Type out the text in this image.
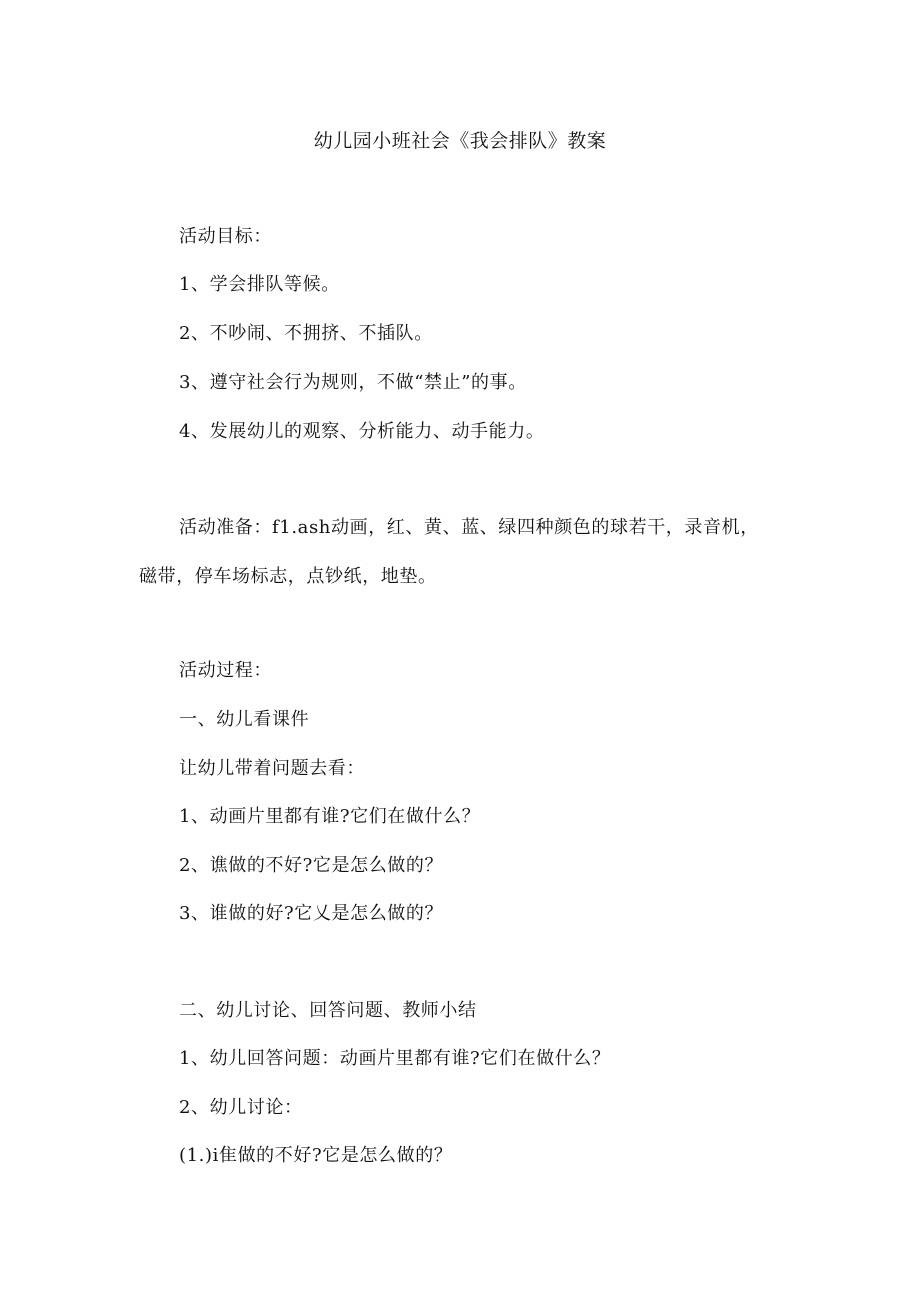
幼儿园小班社会《我会排队》教案

活动目标：

1、学会排队等候。

2、不吵闹、不拥挤、不插队。

3、遵守社会行为规则，不做“禁止”的事。

4、发展幼儿的观察、分析能力、动手能力。

活动准备：f1.ash动画，红、黄、蓝、绿四种颜色的球若干，录音机，磁带，停车场标志，点钞纸，地垫。

活动过程：

一、幼儿看课件

让幼儿带着问题去看：

1、动画片里都有谁?它们在做什么？

2、谯做的不好?它是怎么做的？

3、谁做的好?它乂是怎么做的？

二、幼儿讨论、回答问题、教师小结

1、幼儿回答问题：动画片里都有谁?它们在做什么？

2、幼儿讨论：

(1.)i隹做的不好?它是怎么做的？
